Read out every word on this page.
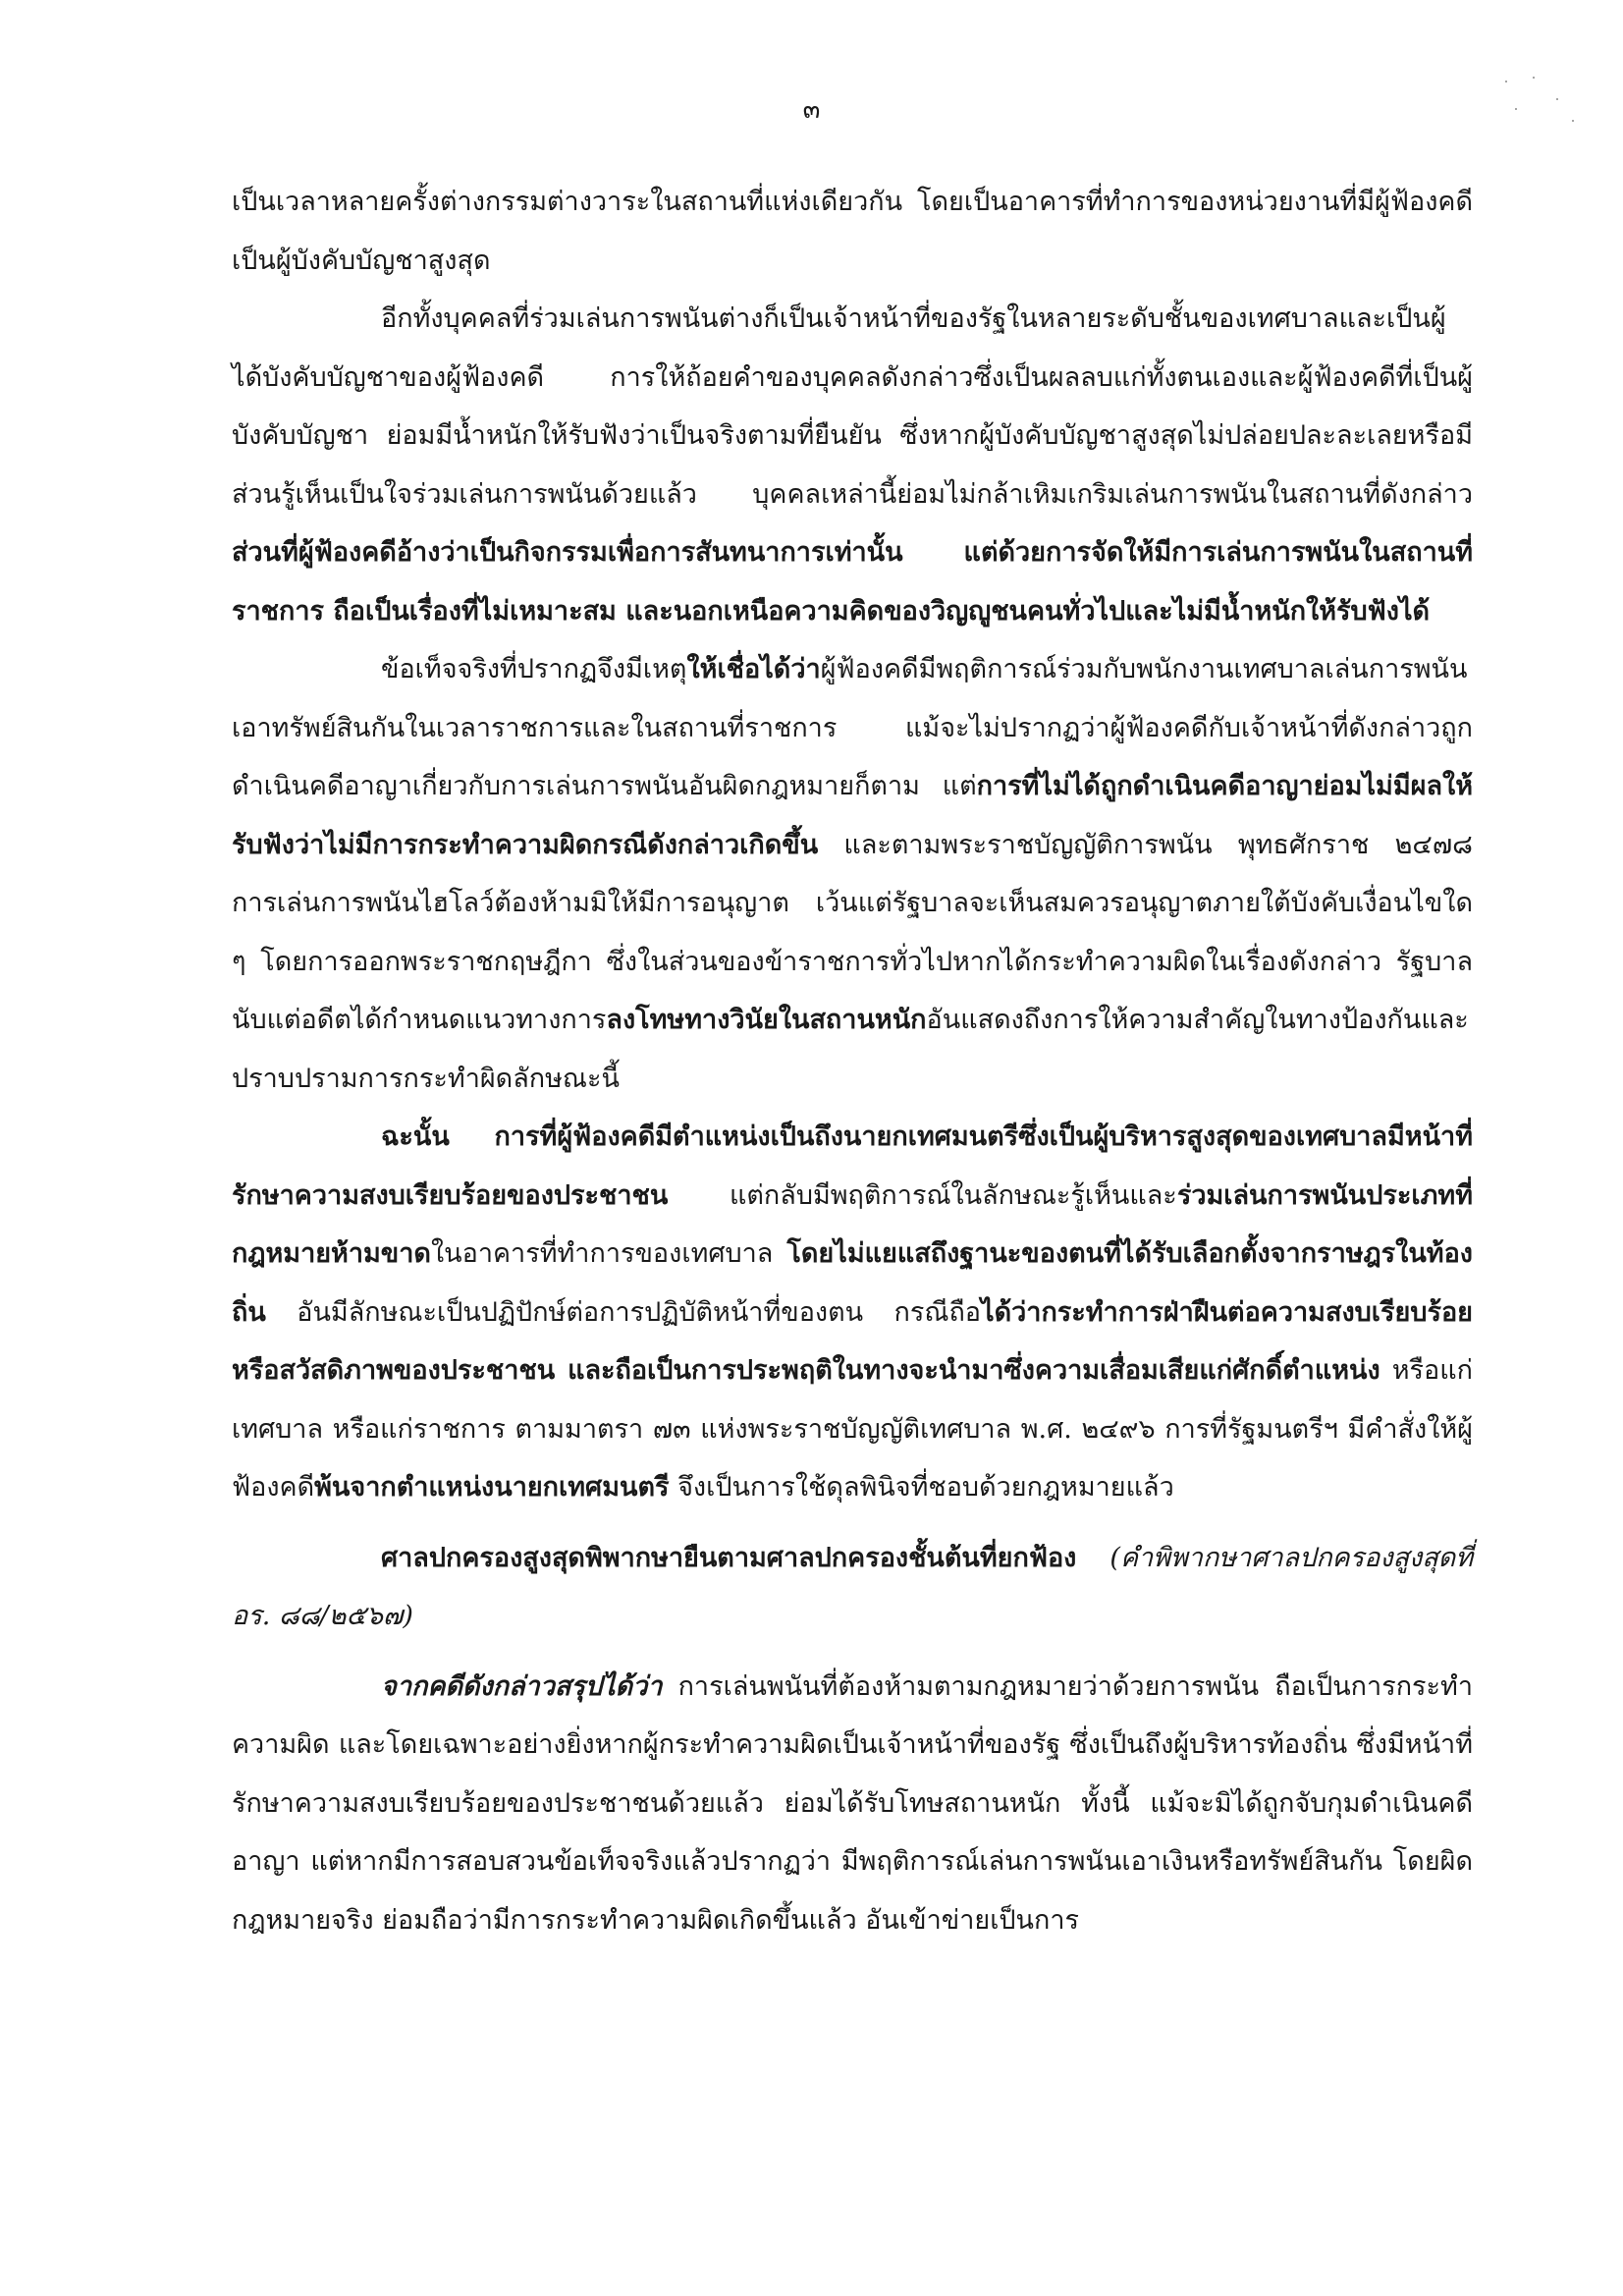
๓

เป็นเวลาหลายครั้งต่างกรรมต่างวาระในสถานที่แห่งเดียวกัน โดยเป็นอาคารที่ทำการของหน่วยงานที่มีผู้ฟ้องคดีเป็นผู้บังคับบัญชาสูงสุด

อีกทั้งบุคคลที่ร่วมเล่นการพนันต่างก็เป็นเจ้าหน้าที่ของรัฐในหลายระดับชั้นของเทศบาลและเป็นผู้ได้บังคับบัญชาของผู้ฟ้องคดี การให้ถ้อยคำของบุคคลดังกล่าวซึ่งเป็นผลลบแก่ทั้งตนเองและผู้ฟ้องคดีที่เป็นผู้บังคับบัญชา ย่อมมีน้ำหนักให้รับฟังว่าเป็นจริงตามที่ยืนยัน ซึ่งหากผู้บังคับบัญชาสูงสุดไม่ปล่อยปละละเลยหรือมีส่วนรู้เห็นเป็นใจร่วมเล่นการพนันด้วยแล้ว บุคคลเหล่านี้ย่อมไม่กล้าเหิมเกริมเล่นการพนันในสถานที่ดังกล่าว ส่วนที่ผู้ฟ้องคดีอ้างว่าเป็นกิจกรรมเพื่อการสันทนาการเท่านั้น แต่ด้วยการจัดให้มีการเล่นการพนันในสถานที่ราชการ ถือเป็นเรื่องที่ไม่เหมาะสม และนอกเหนือความคิดของวิญญูชนคนทั่วไปและไม่มีน้ำหนักให้รับฟังได้

ข้อเท็จจริงที่ปรากฏจึงมีเหตุให้เชื่อได้ว่าผู้ฟ้องคดีมีพฤติการณ์ร่วมกับพนักงานเทศบาลเล่นการพนันเอาทรัพย์สินกันในเวลาราชการและในสถานที่ราชการ แม้จะไม่ปรากฏว่าผู้ฟ้องคดีกับเจ้าหน้าที่ดังกล่าวถูกดำเนินคดีอาญาเกี่ยวกับการเล่นการพนันอันผิดกฎหมายก็ตาม แต่การที่ไม่ได้ถูกดำเนินคดีอาญาย่อมไม่มีผลให้รับฟังว่าไม่มีการกระทำความผิดกรณีดังกล่าวเกิดขึ้น และตามพระราชบัญญัติการพนัน พุทธศักราช ๒๔๗๘ การเล่นการพนันไฮโลว์ต้องห้ามมิให้มีการอนุญาต เว้นแต่รัฐบาลจะเห็นสมควรอนุญาตภายใต้บังคับเงื่อนไขใด ๆ โดยการออกพระราชกฤษฎีกา ซึ่งในส่วนของข้าราชการทั่วไปหากได้กระทำความผิดในเรื่องดังกล่าว รัฐบาลนับแต่อดีตได้กำหนดแนวทางการลงโทษทางวินัยในสถานหนักอันแสดงถึงการให้ความสำคัญในทางป้องกันและปราบปรามการกระทำผิดลักษณะนี้

ฉะนั้น การที่ผู้ฟ้องคดีมีตำแหน่งเป็นถึงนายกเทศมนตรีซึ่งเป็นผู้บริหารสูงสุดของเทศบาลมีหน้าที่รักษาความสงบเรียบร้อยของประชาชน แต่กลับมีพฤติการณ์ในลักษณะรู้เห็นและร่วมเล่นการพนันประเภทที่กฎหมายห้ามขาดในอาคารที่ทำการของเทศบาล โดยไม่แยแสถึงฐานะของตนที่ได้รับเลือกตั้งจากราษฎรในท้องถิ่น อันมีลักษณะเป็นปฏิปักษ์ต่อการปฏิบัติหน้าที่ของตน กรณีถือได้ว่ากระทำการฝ่าฝืนต่อความสงบเรียบร้อยหรือสวัสดิภาพของประชาชน และถือเป็นการประพฤติในทางจะนำมาซึ่งความเสื่อมเสียแก่ศักดิ์ตำแหน่ง หรือแก่เทศบาล หรือแก่ราชการ ตามมาตรา ๗๓ แห่งพระราชบัญญัติเทศบาล พ.ศ. ๒๔๙๖ การที่รัฐมนตรีฯ มีคำสั่งให้ผู้ฟ้องคดีพ้นจากตำแหน่งนายกเทศมนตรี จึงเป็นการใช้ดุลพินิจที่ชอบด้วยกฎหมายแล้ว

ศาลปกครองสูงสุดพิพากษายืนตามศาลปกครองชั้นต้นที่ยกฟ้อง (คำพิพากษาศาลปกครองสูงสุดที่ อร. ๘๘/๒๕๖๗)

จากคดีดังกล่าวสรุปได้ว่า การเล่นพนันที่ต้องห้ามตามกฎหมายว่าด้วยการพนัน ถือเป็นการกระทำความผิด และโดยเฉพาะอย่างยิ่งหากผู้กระทำความผิดเป็นเจ้าหน้าที่ของรัฐ ซึ่งเป็นถึงผู้บริหารท้องถิ่น ซึ่งมีหน้าที่รักษาความสงบเรียบร้อยของประชาชนด้วยแล้ว ย่อมได้รับโทษสถานหนัก ทั้งนี้ แม้จะมิได้ถูกจับกุมดำเนินคดีอาญา แต่หากมีการสอบสวนข้อเท็จจริงแล้วปรากฏว่า มีพฤติการณ์เล่นการพนันเอาเงินหรือทรัพย์สินกัน โดยผิดกฎหมายจริง ย่อมถือว่ามีการกระทำความผิดเกิดขึ้นแล้ว อันเข้าข่ายเป็นการ
